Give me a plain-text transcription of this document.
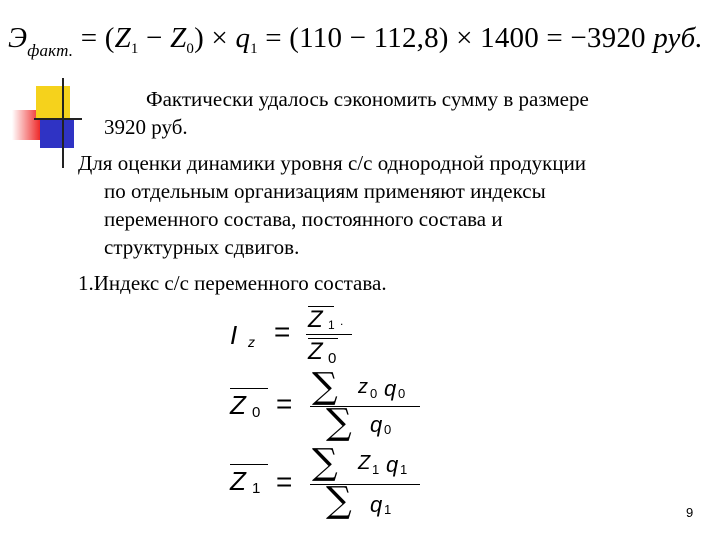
$Э_{факт.} = (Z_1 - Z_0) \times q_1 = (110 - 112,8) \times 1400 = -3920$ руб.
Фактически удалось сэкономить сумму в размере
3920 руб.
Для оценки динамики уровня с/с однородной продукции
по отдельным организациям применяют индексы
переменного состава, постоянного состава и
структурных сдвигов.
1.Индекс с/с переменного состава.
I z = Z 1 .
Z 0
Z 0 = ∑ z 0 q 0
∑ q 0
Z 1 = ∑ Z 1 q 1
∑ q 1	9
